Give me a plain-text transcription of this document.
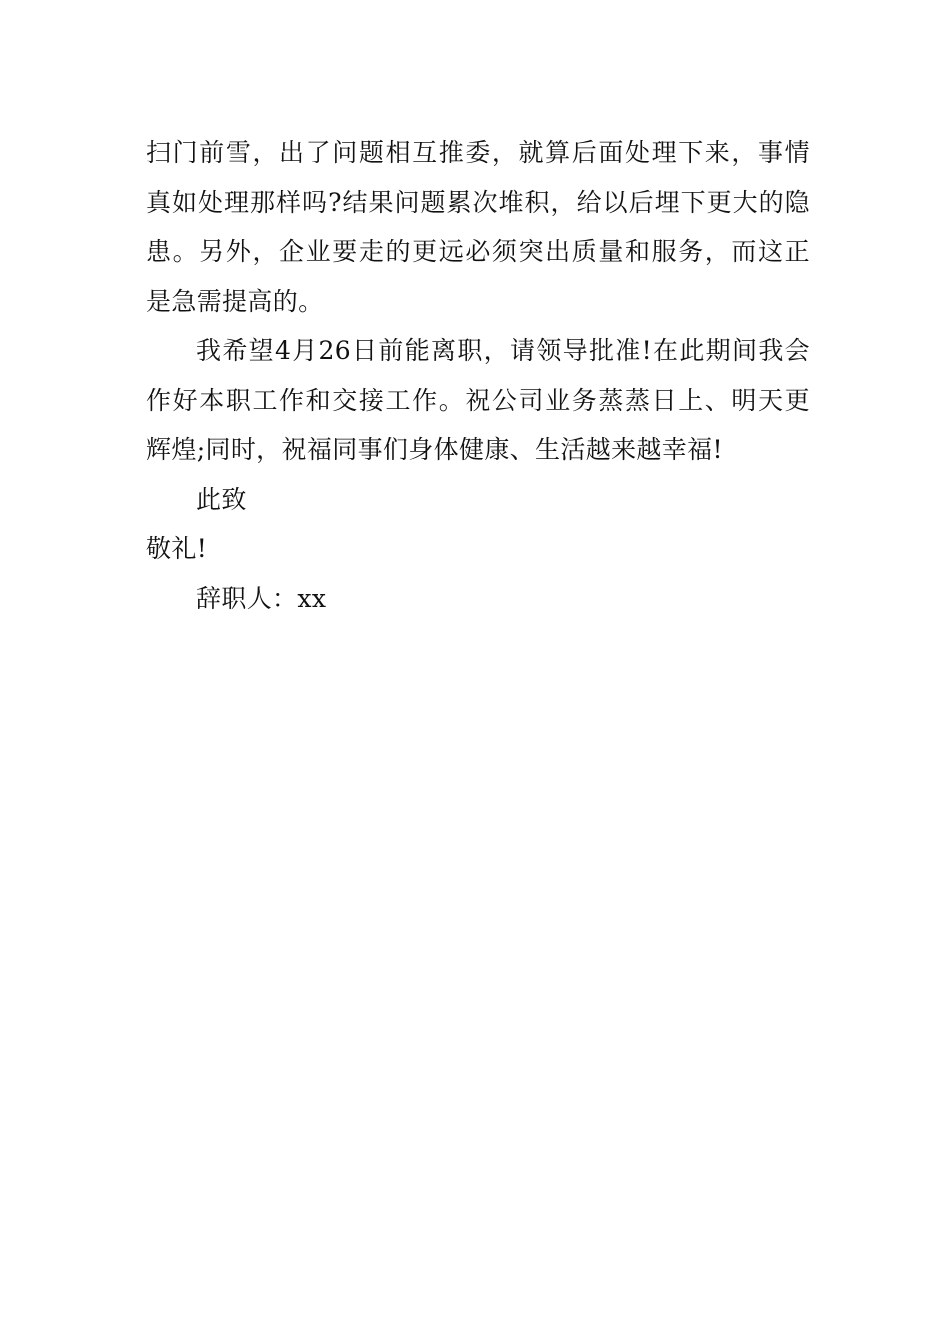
扫门前雪，出了问题相互推委，就算后面处理下来，事情
真如处理那样吗?结果问题累次堆积，给以后埋下更大的隐
患。另外，企业要走的更远必须突出质量和服务，而这正
是急需提高的。
我希望4月26日前能离职，请领导批准!在此期间我会
作好本职工作和交接工作。祝公司业务蒸蒸日上、明天更
辉煌;同时，祝福同事们身体健康、生活越来越幸福!
此致
敬礼!
辞职人：xx
